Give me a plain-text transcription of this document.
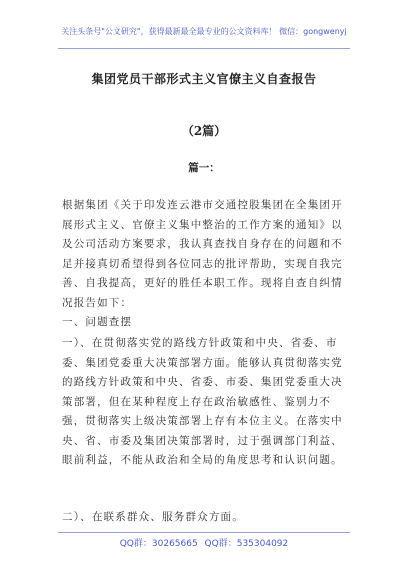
关注头条号"公文研究"，获得最新最全最专业的公文资料库！ 微信：gongwenyj
集团党员干部形式主义官僚主义自查报告
（2篇）
篇一：

根据集团《关于印发连云港市交通控股集团在全集团开展形式主义、官僚主义集中整治的工作方案的通知》以及公司活动方案要求，我认真查找自身存在的问题和不足并接真切希望得到各位同志的批评帮助，实现自我完善、自我提高，更好的胜任本职工作。现将自查自纠情况报告如下：

一、问题查摆

一）、在贯彻落实党的路线方针政策和中央、省委、市委、集团党委重大决策部署方面。能够认真贯彻落实党的路线方针政策和中央、省委、市委、集团党委重大决策部署，但在某种程度上存在政治敏感性、鉴别力不强，贯彻落实上级决策部署上存有本位主义。在落实中央、省、市委及集团决策部署时，过于强调部门利益、眼前利益，不能从政治和全局的角度思考和认识问题。

二）、在联系群众、服务群众方面。

QQ群：30265665 QQ群：535304092
